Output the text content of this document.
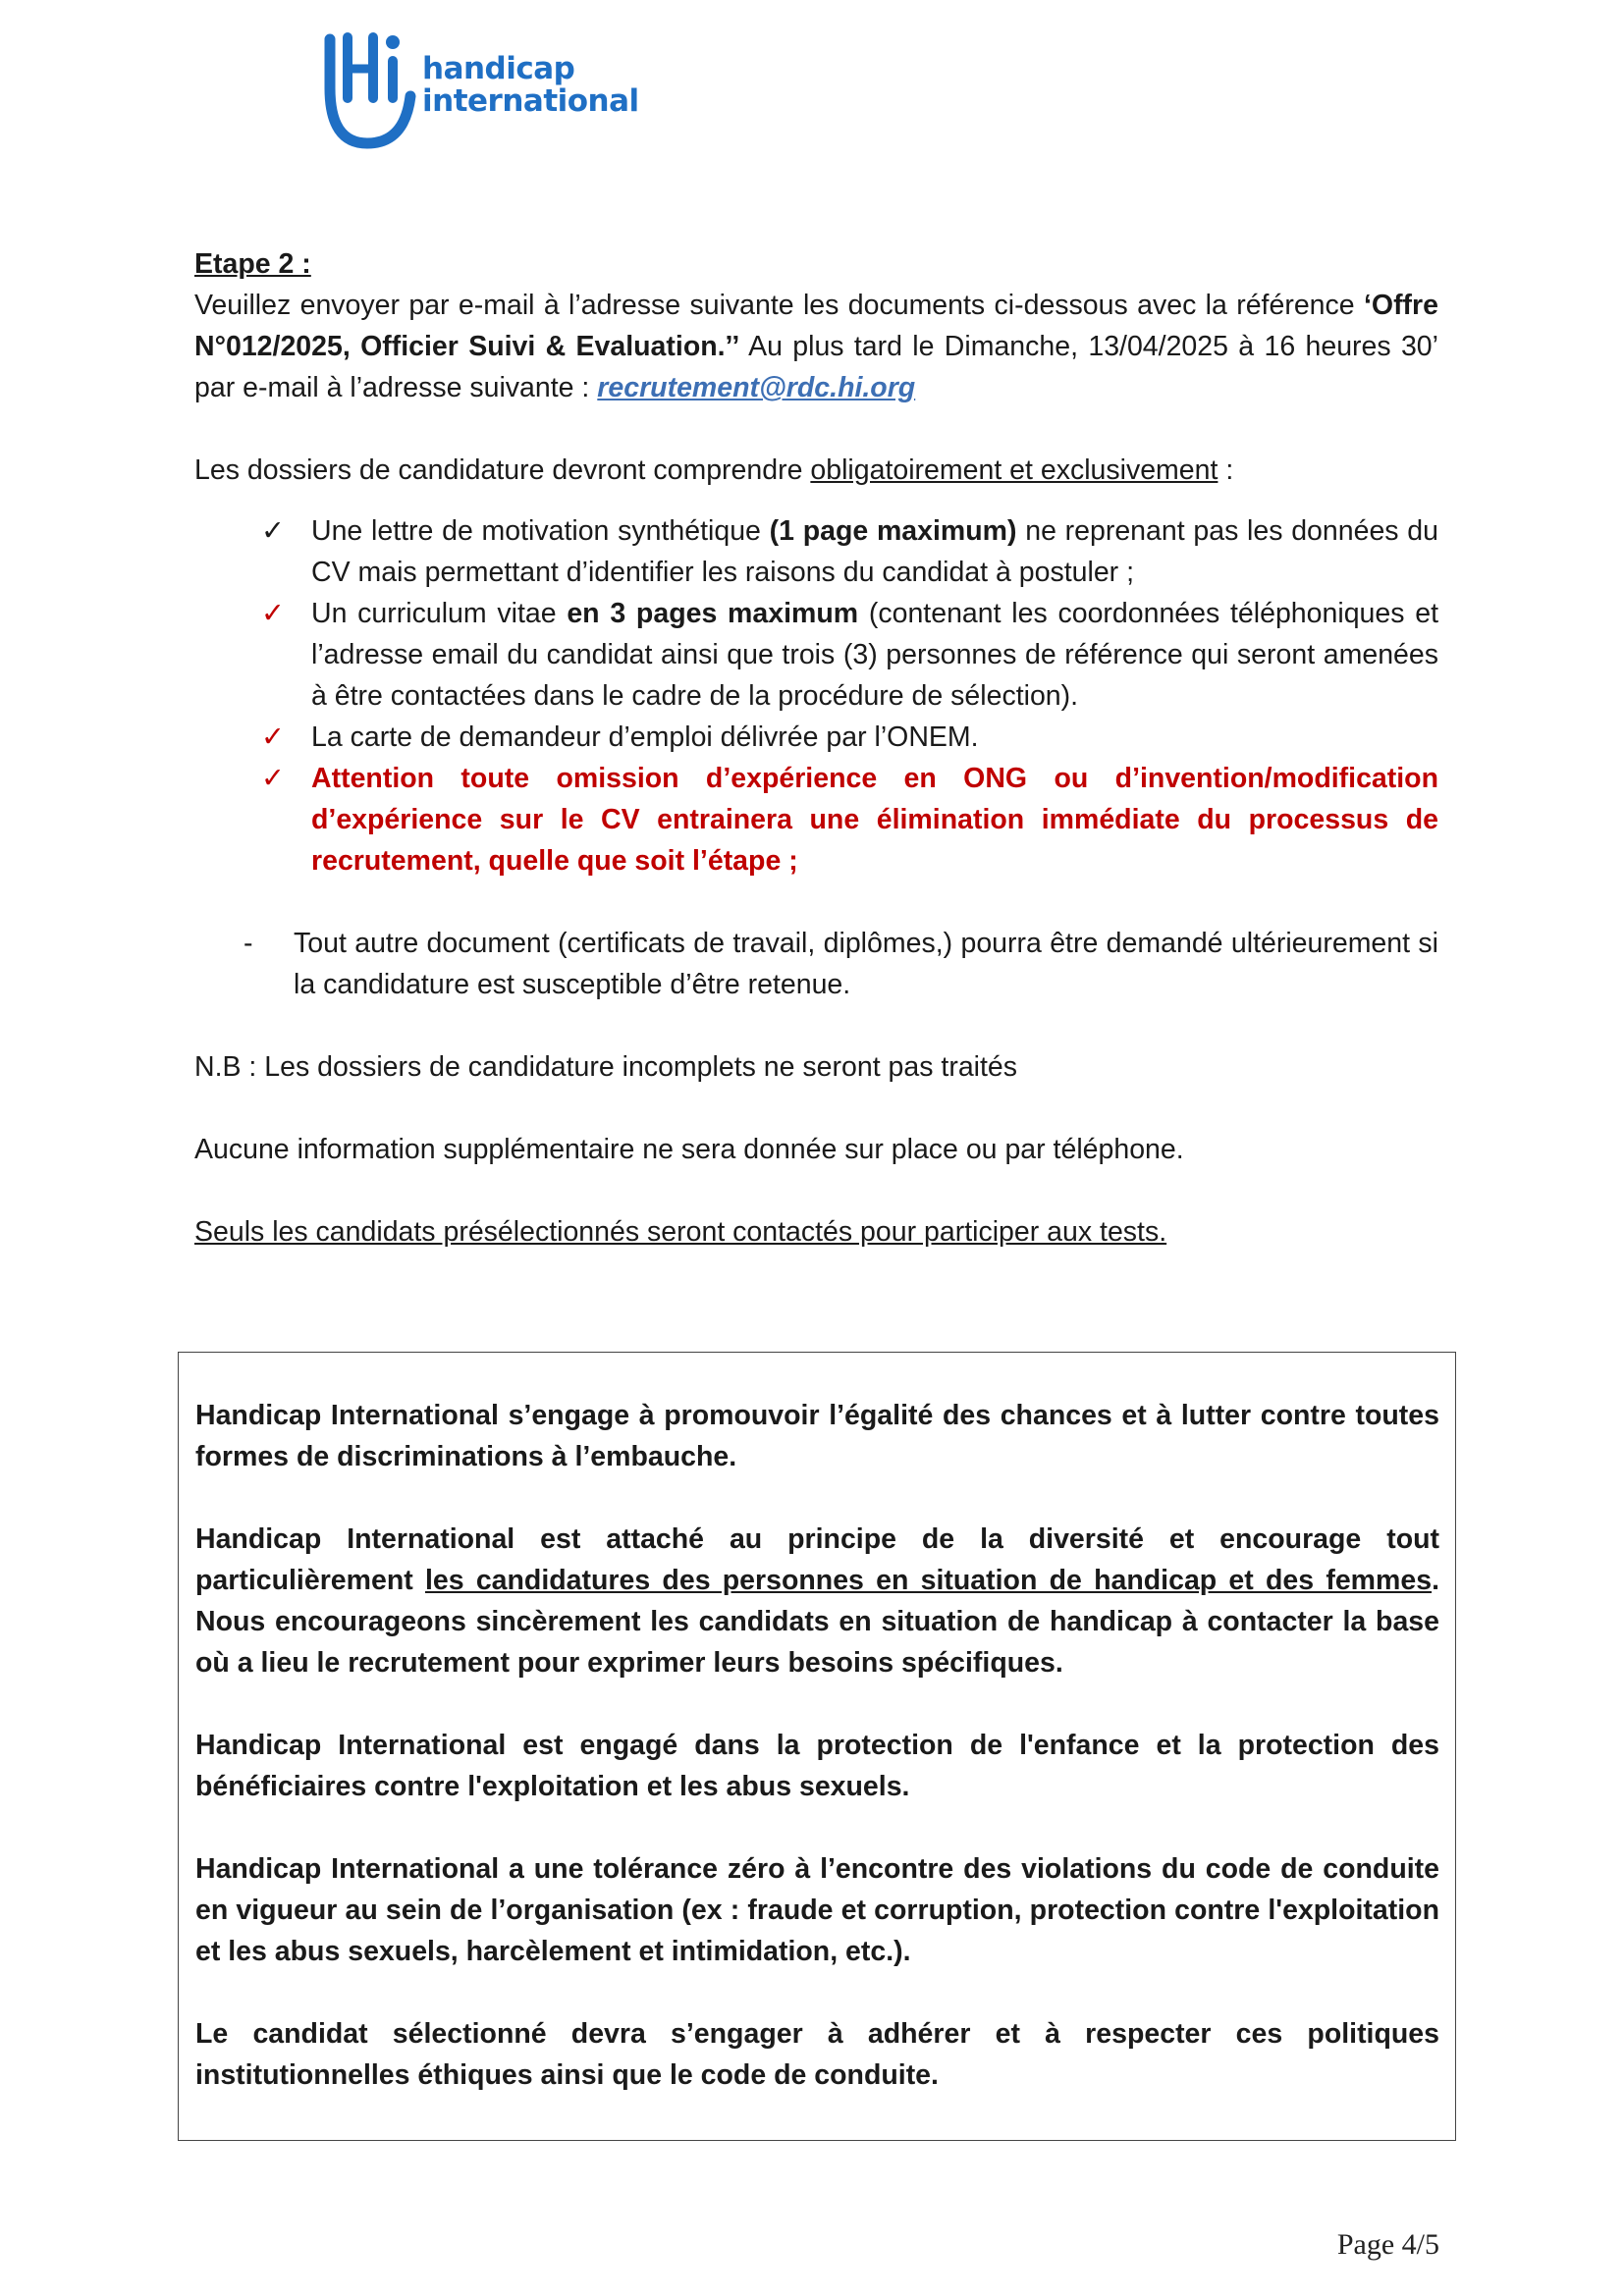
handicap
international

Etape 2 :

Veuillez envoyer par e-mail à l’adresse suivante les documents ci-dessous avec la référence ‘Offre N°012/2025, Officier Suivi & Evaluation.’’ Au plus tard le Dimanche, 13/04/2025 à 16 heures 30’ par e-mail à l’adresse suivante : recrutement@rdc.hi.org

Les dossiers de candidature devront comprendre obligatoirement et exclusivement :

✓ Une lettre de motivation synthétique (1 page maximum) ne reprenant pas les données du CV mais permettant d’identifier les raisons du candidat à postuler ;
✓ Un curriculum vitae en 3 pages maximum (contenant les coordonnées téléphoniques et l’adresse email du candidat ainsi que trois (3) personnes de référence qui seront amenées à être contactées dans le cadre de la procédure de sélection).
✓ La carte de demandeur d’emploi délivrée par l’ONEM.
✓ Attention toute omission d’expérience en ONG ou d’invention/modification d’expérience sur le CV entrainera une élimination immédiate du processus de recrutement, quelle que soit l’étape ;
- Tout autre document (certificats de travail, diplômes,) pourra être demandé ultérieurement si la candidature est susceptible d’être retenue.

N.B : Les dossiers de candidature incomplets ne seront pas traités

Aucune information supplémentaire ne sera donnée sur place ou par téléphone.

Seuls les candidats présélectionnés seront contactés pour participer aux tests.

Handicap International s’engage à promouvoir l’égalité des chances et à lutter contre toutes formes de discriminations à l’embauche.

Handicap International est attaché au principe de la diversité et encourage tout particulièrement les candidatures des personnes en situation de handicap et des femmes. Nous encourageons sincèrement les candidats en situation de handicap à contacter la base où a lieu le recrutement pour exprimer leurs besoins spécifiques.

Handicap International est engagé dans la protection de l'enfance et la protection des bénéficiaires contre l'exploitation et les abus sexuels.

Handicap International a une tolérance zéro à l’encontre des violations du code de conduite en vigueur au sein de l’organisation (ex : fraude et corruption, protection contre l'exploitation et les abus sexuels, harcèlement et intimidation, etc.).

Le candidat sélectionné devra s’engager à adhérer et à respecter ces politiques institutionnelles éthiques ainsi que le code de conduite.

Page 4/5
